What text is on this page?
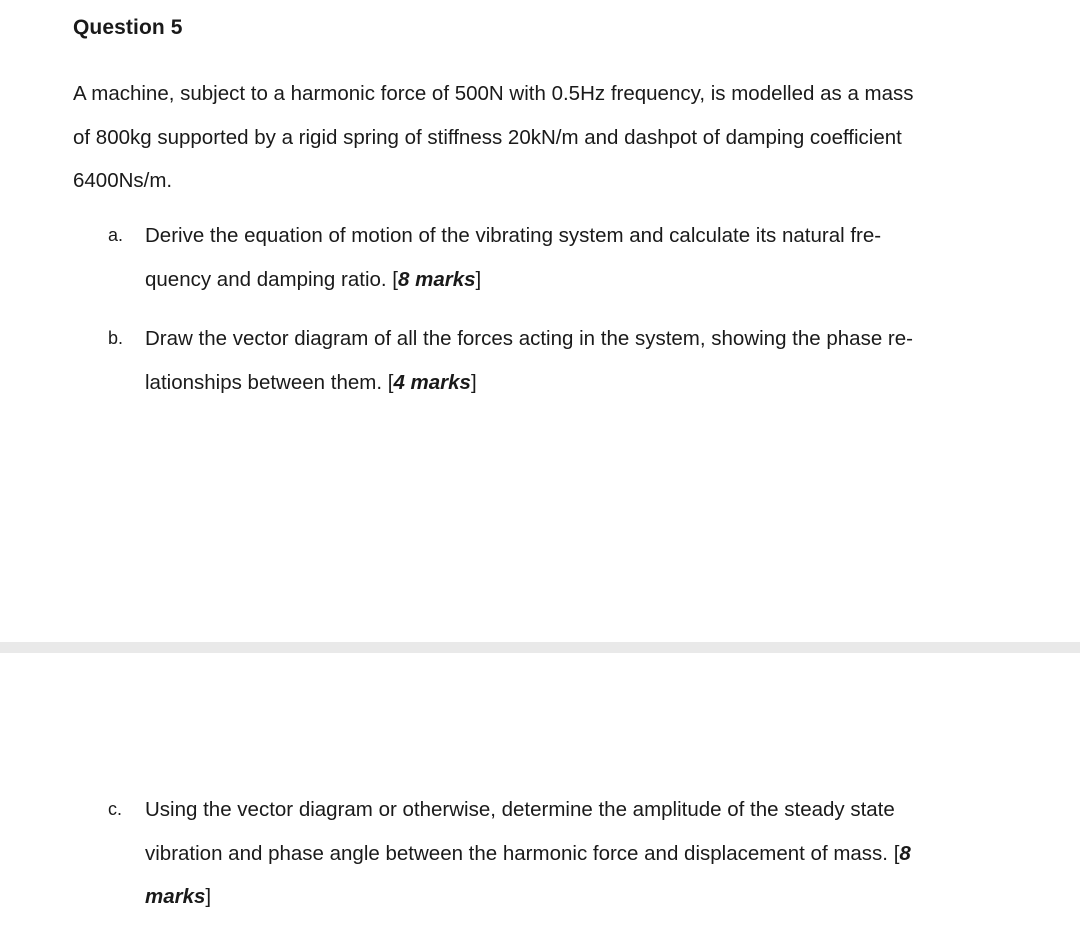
Question 5

A machine, subject to a harmonic force of 500N with 0.5Hz frequency, is modelled as a mass
of 800kg supported by a rigid spring of stiffness 20kN/m and dashpot of damping coefficient
6400Ns/m.

a. Derive the equation of motion of the vibrating system and calculate its natural fre-
quency and damping ratio. [8 marks]
b. Draw the vector diagram of all the forces acting in the system, showing the phase re-
lationships between them. [4 marks]
c. Using the vector diagram or otherwise, determine the amplitude of the steady state
vibration and phase angle between the harmonic force and displacement of mass. [8
marks]
